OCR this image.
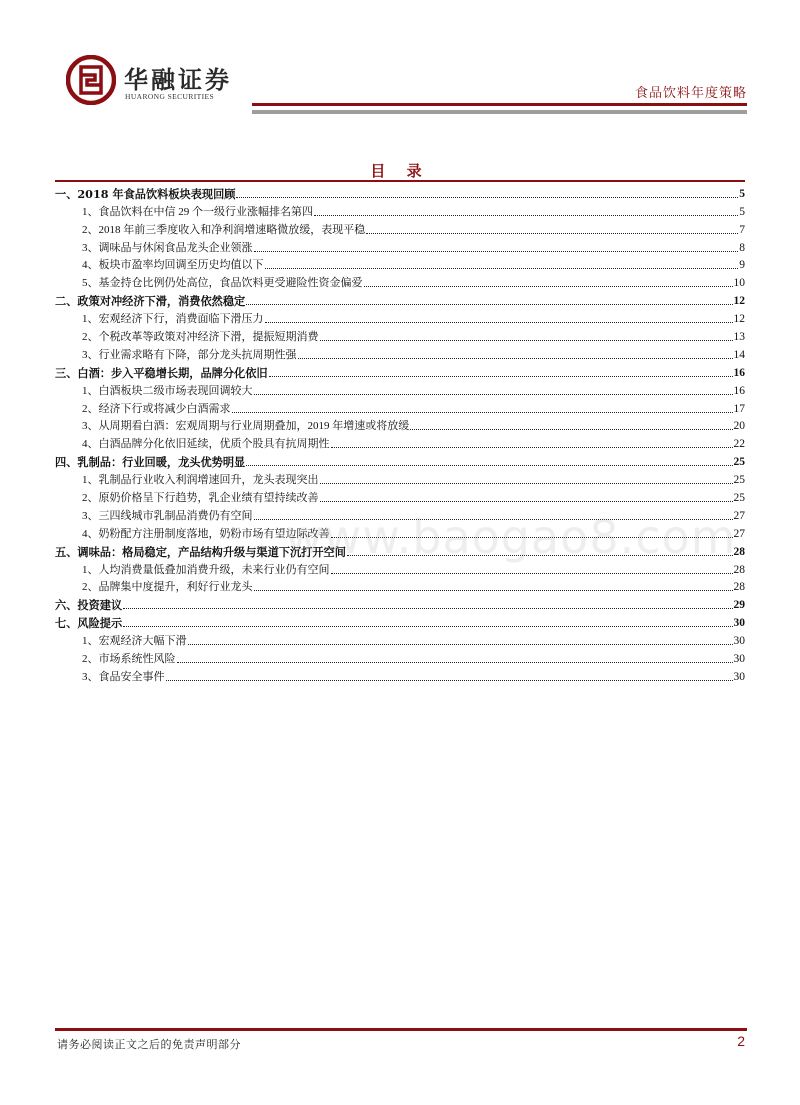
华融证券
HUARONG SECURITIES	食品饮料年度策略
目 录
一、2018 年食品饮料板块表现回顾	5
1、食品饮料在中信 29 个一级行业涨幅排名第四	5
2、2018 年前三季度收入和净利润增速略微放缓，表现平稳	7
3、调味品与休闲食品龙头企业领涨	8
4、板块市盈率均回调至历史均值以下	9
5、基金持仓比例仍处高位，食品饮料更受避险性资金偏爱	10
二、政策对冲经济下滑，消费依然稳定	12
1、宏观经济下行，消费面临下滑压力	12
2、个税改革等政策对冲经济下滑，提振短期消费	13
3、行业需求略有下降，部分龙头抗周期性强	14
三、白酒：步入平稳增长期，品牌分化依旧	16
1、白酒板块二级市场表现回调较大	16
2、经济下行或将减少白酒需求	17
3、从周期看白酒：宏观周期与行业周期叠加，2019 年增速或将放缓	20
4、白酒品牌分化依旧延续，优质个股具有抗周期性	22
四、乳制品：行业回暖，龙头优势明显	25
1、乳制品行业收入利润增速回升，龙头表现突出	25
2、原奶价格呈下行趋势，乳企业绩有望持续改善	25
3、三四线城市乳制品消费仍有空间	27
4、奶粉配方注册制度落地，奶粉市场有望边际改善	27
五、调味品：格局稳定，产品结构升级与渠道下沉打开空间	28
1、人均消费量低叠加消费升级，未来行业仍有空间	28
2、品牌集中度提升，利好行业龙头	28
六、投资建议	29
七、风险提示	30
1、宏观经济大幅下滑	30
2、市场系统性风险	30
3、食品安全事件	30
www.baogao8.com
请务必阅读正文之后的免责声明部分	2
